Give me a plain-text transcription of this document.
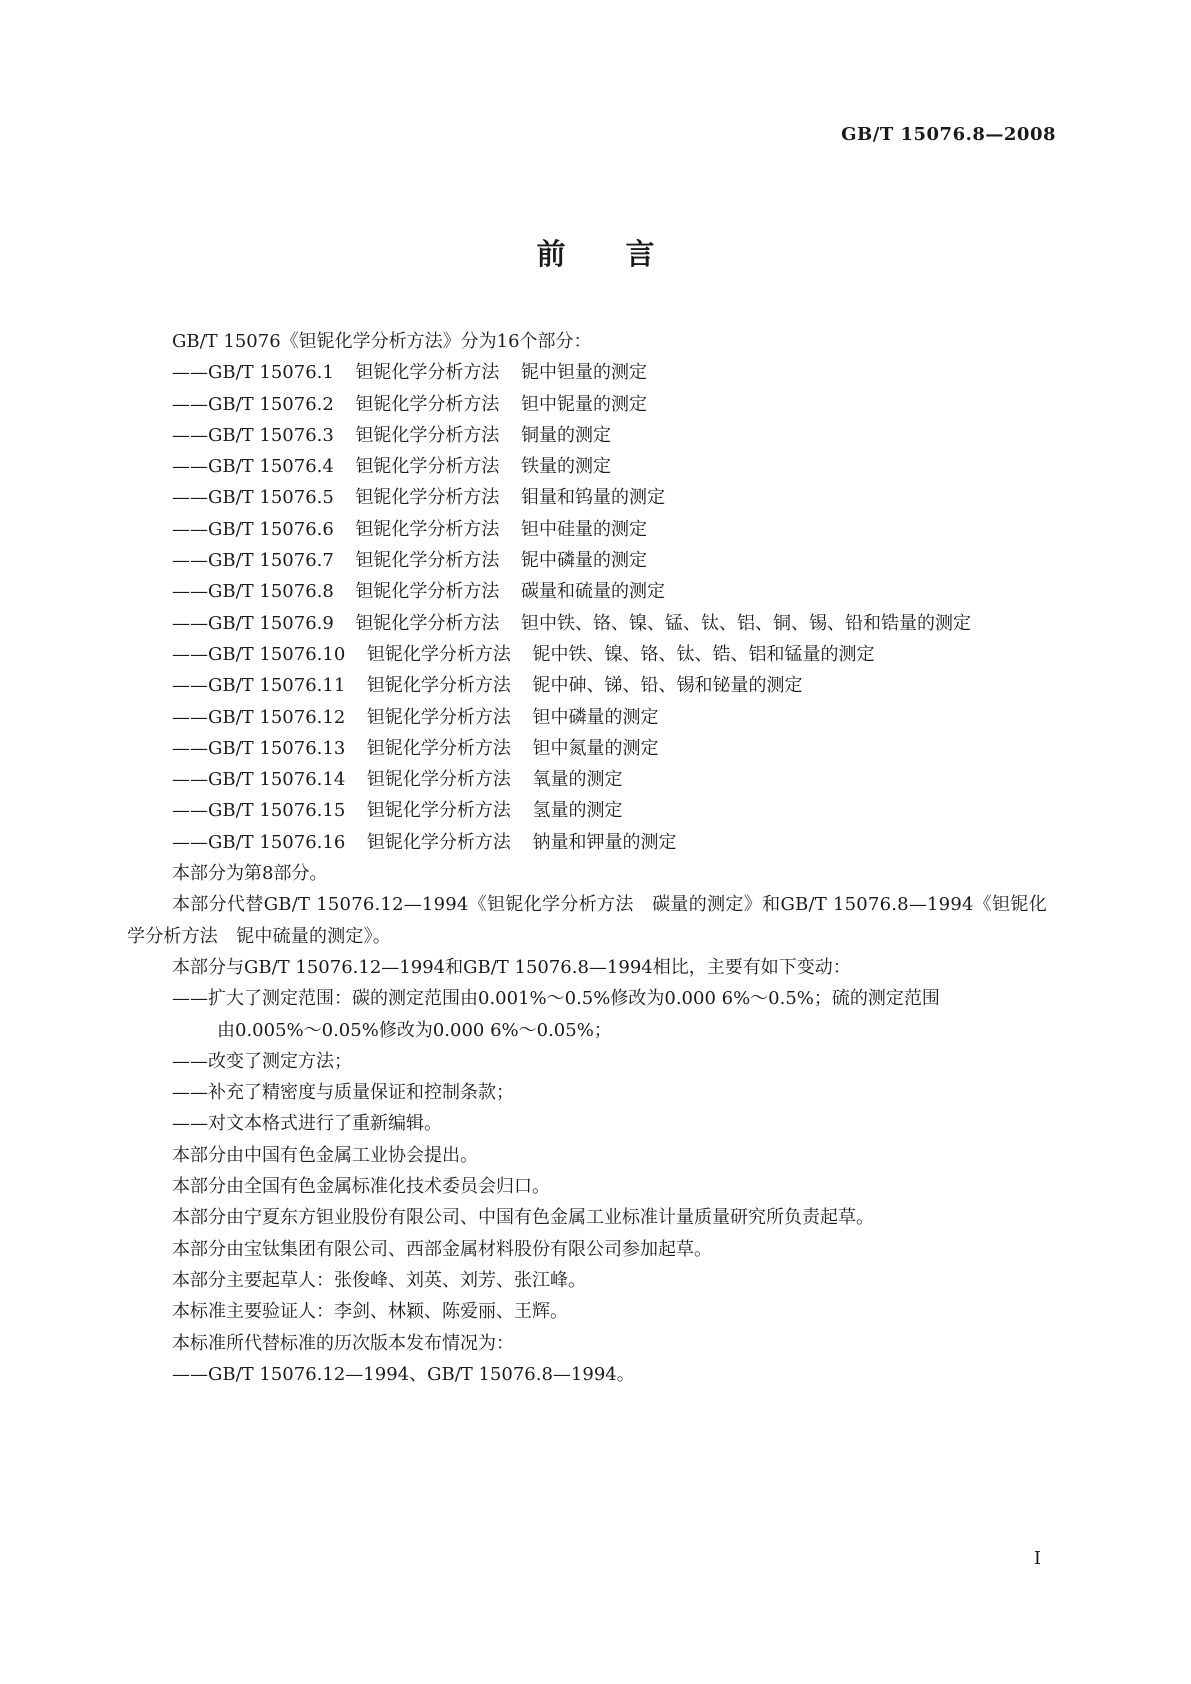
GB/T 15076.8—2008
前言
GB/T 15076《钽铌化学分析方法》分为16个部分：
——GB/T 15076.1 钽铌化学分析方法 铌中钽量的测定
——GB/T 15076.2 钽铌化学分析方法 钽中铌量的测定
——GB/T 15076.3 钽铌化学分析方法 铜量的测定
——GB/T 15076.4 钽铌化学分析方法 铁量的测定
——GB/T 15076.5 钽铌化学分析方法 钼量和钨量的测定
——GB/T 15076.6 钽铌化学分析方法 钽中硅量的测定
——GB/T 15076.7 钽铌化学分析方法 铌中磷量的测定
——GB/T 15076.8 钽铌化学分析方法 碳量和硫量的测定
——GB/T 15076.9 钽铌化学分析方法 钽中铁、铬、镍、锰、钛、铝、铜、锡、铅和锆量的测定
——GB/T 15076.10 钽铌化学分析方法 铌中铁、镍、铬、钛、锆、铝和锰量的测定
——GB/T 15076.11 钽铌化学分析方法 铌中砷、锑、铅、锡和铋量的测定
——GB/T 15076.12 钽铌化学分析方法 钽中磷量的测定
——GB/T 15076.13 钽铌化学分析方法 钽中氮量的测定
——GB/T 15076.14 钽铌化学分析方法 氧量的测定
——GB/T 15076.15 钽铌化学分析方法 氢量的测定
——GB/T 15076.16 钽铌化学分析方法 钠量和钾量的测定
本部分为第8部分。
本部分代替GB/T 15076.12—1994《钽铌化学分析方法　碳量的测定》和GB/T 15076.8—1994《钽铌化学分析方法　铌中硫量的测定》。
本部分与GB/T 15076.12—1994和GB/T 15076.8—1994相比，主要有如下变动：
——扩大了测定范围：碳的测定范围由0.001%～0.5%修改为0.000 6%～0.5%；硫的测定范围
由0.005%～0.05%修改为0.000 6%～0.05%；
——改变了测定方法；
——补充了精密度与质量保证和控制条款；
——对文本格式进行了重新编辑。
本部分由中国有色金属工业协会提出。
本部分由全国有色金属标准化技术委员会归口。
本部分由宁夏东方钽业股份有限公司、中国有色金属工业标准计量质量研究所负责起草。
本部分由宝钛集团有限公司、西部金属材料股份有限公司参加起草。
本部分主要起草人：张俊峰、刘英、刘芳、张江峰。
本标准主要验证人：李剑、林颖、陈爱丽、王辉。
本标准所代替标准的历次版本发布情况为：
——GB/T 15076.12—1994、GB/T 15076.8—1994。
I
